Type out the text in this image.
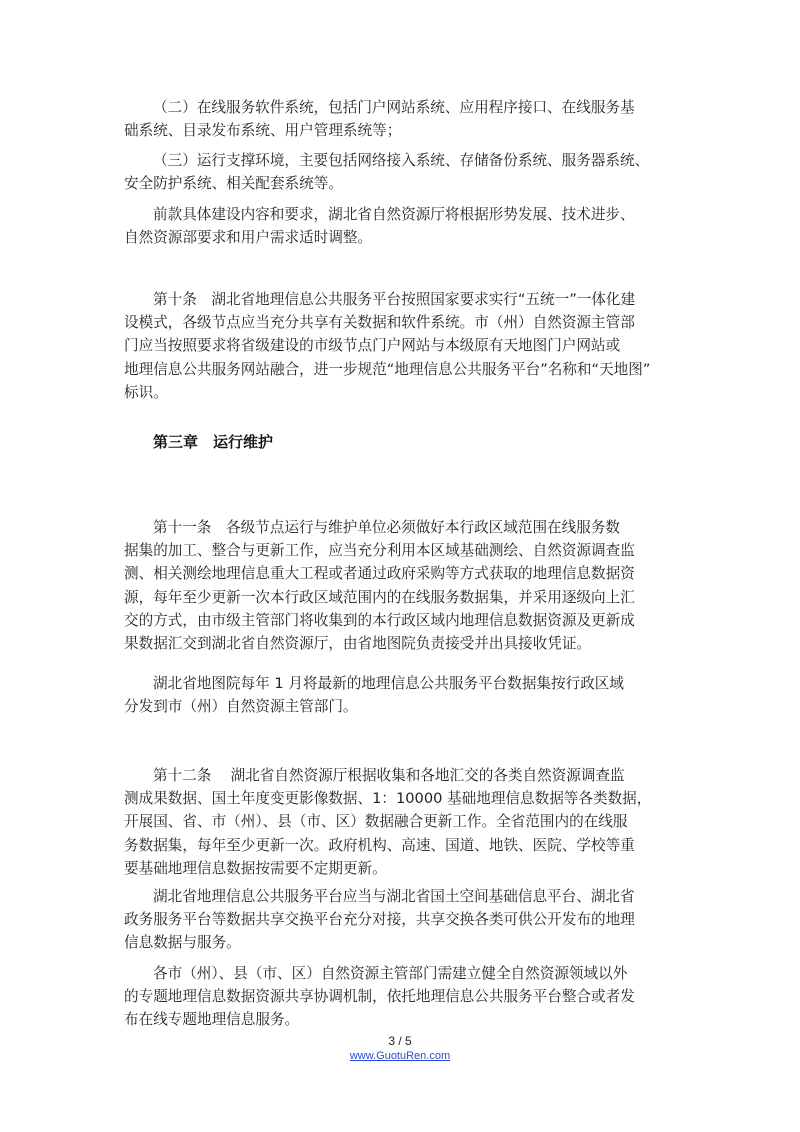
（二）在线服务软件系统，包括门户网站系统、应用程序接口、在线服务基
础系统、目录发布系统、用户管理系统等；
（三）运行支撑环境，主要包括网络接入系统、存储备份系统、服务器系统、
安全防护系统、相关配套系统等。
前款具体建设内容和要求，湖北省自然资源厅将根据形势发展、技术进步、
自然资源部要求和用户需求适时调整。
第十条　湖北省地理信息公共服务平台按照国家要求实行“五统一”一体化建
设模式，各级节点应当充分共享有关数据和软件系统。市（州）自然资源主管部
门应当按照要求将省级建设的市级节点门户网站与本级原有天地图门户网站或
地理信息公共服务网站融合，进一步规范“地理信息公共服务平台”名称和“天地图”
标识。
第三章　运行维护
第十一条　各级节点运行与维护单位必须做好本行政区域范围在线服务数
据集的加工、整合与更新工作，应当充分利用本区域基础测绘、自然资源调查监
测、相关测绘地理信息重大工程或者通过政府采购等方式获取的地理信息数据资
源，每年至少更新一次本行政区域范围内的在线服务数据集，并采用逐级向上汇
交的方式，由市级主管部门将收集到的本行政区域内地理信息数据资源及更新成
果数据汇交到湖北省自然资源厅，由省地图院负责接受并出具接收凭证。
湖北省地图院每年 1 月将最新的地理信息公共服务平台数据集按行政区域
分发到市（州）自然资源主管部门。
第十二条　 湖北省自然资源厅根据收集和各地汇交的各类自然资源调查监
测成果数据、国土年度变更影像数据、1：10000 基础地理信息数据等各类数据，
开展国、省、市（州）、县（市、区）数据融合更新工作。全省范围内的在线服
务数据集，每年至少更新一次。政府机构、高速、国道、地铁、医院、学校等重
要基础地理信息数据按需要不定期更新。
湖北省地理信息公共服务平台应当与湖北省国土空间基础信息平台、湖北省
政务服务平台等数据共享交换平台充分对接，共享交换各类可供公开发布的地理
信息数据与服务。
各市（州）、县（市、区）自然资源主管部门需建立健全自然资源领域以外
的专题地理信息数据资源共享协调机制，依托地理信息公共服务平台整合或者发
布在线专题地理信息服务。
3 / 5
www.GuotuRen.com
